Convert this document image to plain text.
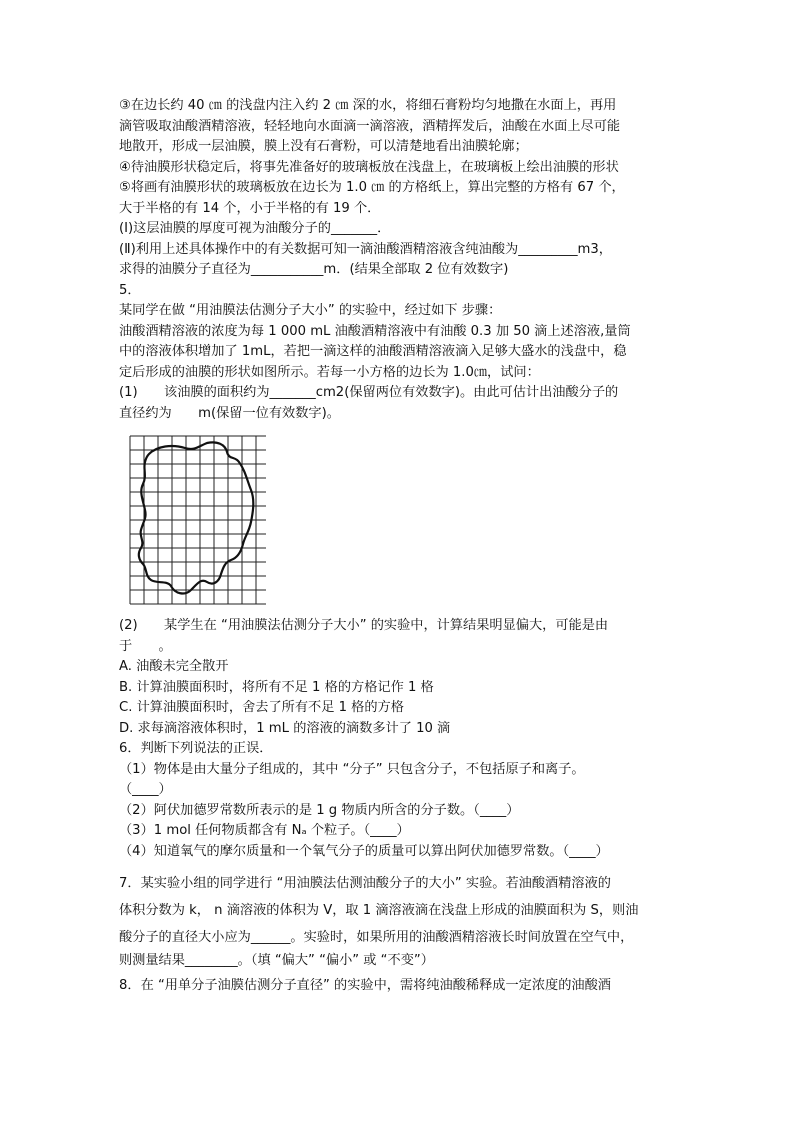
③在边长约 40 ㎝ 的浅盘内注入约 2 ㎝ 深的水，将细石膏粉均匀地撒在水面上，再用
滴管吸取油酸酒精溶液，轻轻地向水面滴一滴溶液，酒精挥发后，油酸在水面上尽可能
地散开，形成一层油膜，膜上没有石膏粉，可以清楚地看出油膜轮廓；
④待油膜形状稳定后，将事先准备好的玻璃板放在浅盘上，在玻璃板上绘出油膜的形状
⑤将画有油膜形状的玻璃板放在边长为 1.0 ㎝ 的方格纸上，算出完整的方格有 67 个，
大于半格的有 14 个，小于半格的有 19 个．
(Ⅰ)这层油膜的厚度可视为油酸分子的_______．
(Ⅱ)利用上述具体操作中的有关数据可知一滴油酸酒精溶液含纯油酸为_________m3，
求得的油膜分子直径为___________m．(结果全部取 2 位有效数字)
5．
某同学在做 “用油膜法估测分子大小” 的实验中，经过如下 步骤：
油酸酒精溶液的浓度为每 1 000 mL 油酸酒精溶液中有油酸 0.3 加 50 滴上述溶液,量筒
中的溶液体积增加了 1mL，若把一滴这样的油酸酒精溶液滴入足够大盛水的浅盘中，稳
定后形成的油膜的形状如图所示。若每一小方格的边长为 1.0㎝，试问：
(1)　　该油膜的面积约为_______cm2(保留两位有效数字)。由此可估计出油酸分子的
直径约为　　m(保留一位有效数字)。
(2)　　某学生在 “用油膜法估测分子大小” 的实验中，计算结果明显偏大，可能是由
于　　。
A. 油酸未完全散开
B. 计算油膜面积时，将所有不足 1 格的方格记作 1 格
C. 计算油膜面积时，舍去了所有不足 1 格的方格
D. 求每滴溶液体积时，1 mL 的溶液的滴数多计了 10 滴
6．判断下列说法的正误．
（1）物体是由大量分子组成的，其中 “分子” 只包含分子，不包括原子和离子。
（____）
（2）阿伏加德罗常数所表示的是 1 g 物质内所含的分子数。（____）
（3）1 mol 任何物质都含有 Nₐ 个粒子。（____）
（4）知道氧气的摩尔质量和一个氧气分子的质量可以算出阿伏加德罗常数。（____）
7．某实验小组的同学进行 “用油膜法估测油酸分子的大小” 实验。若油酸酒精溶液的
体积分数为 k， n 滴溶液的体积为 V，取 1 滴溶液滴在浅盘上形成的油膜面积为 S，则油
酸分子的直径大小应为______。实验时，如果所用的油酸酒精溶液长时间放置在空气中，
则测量结果________。（填 “偏大” “偏小” 或 “不变”）
8．在 “用单分子油膜估测分子直径” 的实验中，需将纯油酸稀释成一定浓度的油酸酒
